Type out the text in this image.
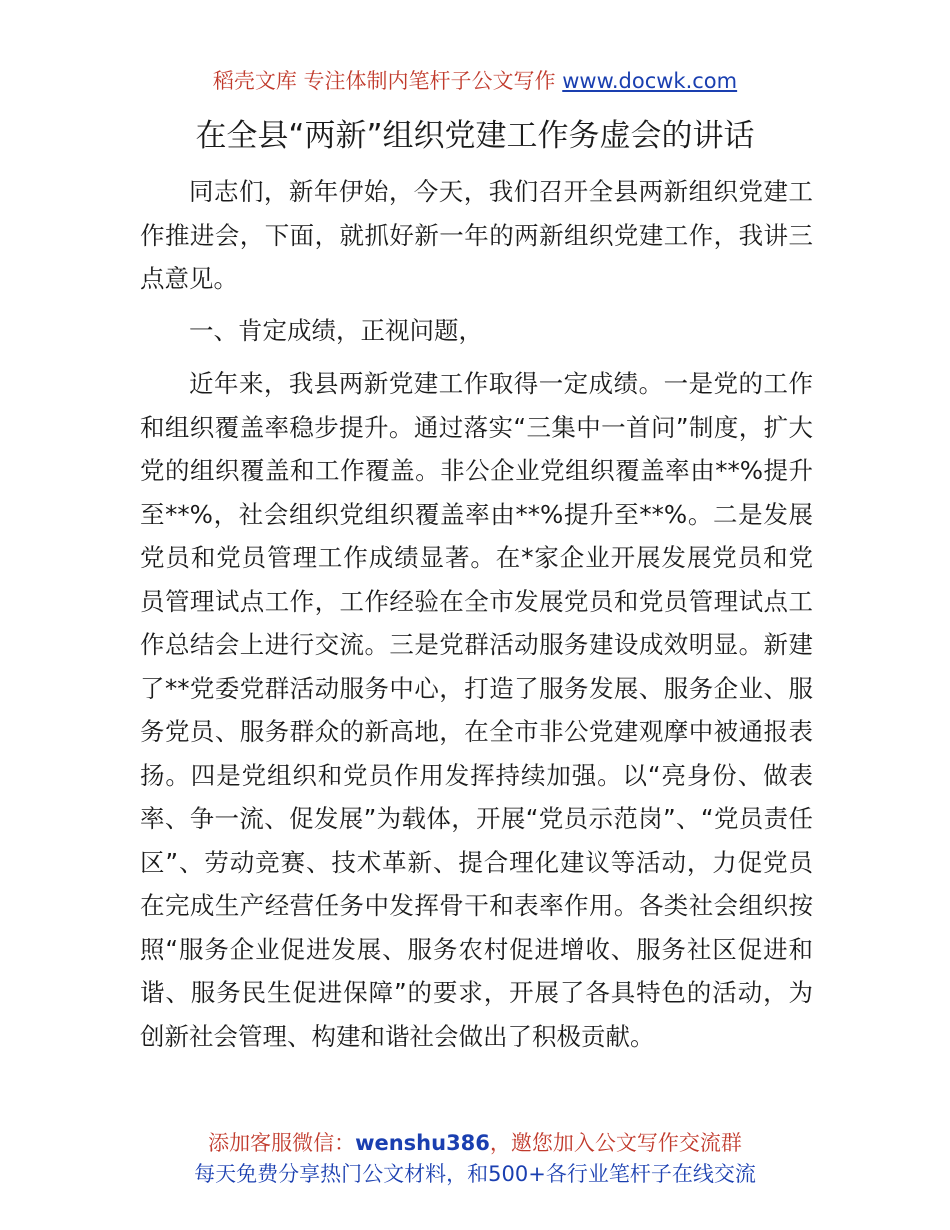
稻壳文库 专注体制内笔杆子公文写作 www.docwk.com
在全县“两新”组织党建工作务虚会的讲话

同志们，新年伊始，今天，我们召开全县两新组织党建工作推进会，下面，就抓好新一年的两新组织党建工作，我讲三点意见。

一、肯定成绩，正视问题，

近年来，我县两新党建工作取得一定成绩。一是党的工作和组织覆盖率稳步提升。通过落实“三集中一首问”制度，扩大党的组织覆盖和工作覆盖。非公企业党组织覆盖率由**%提升至**%，社会组织党组织覆盖率由**%提升至**%。二是发展党员和党员管理工作成绩显著。在*家企业开展发展党员和党员管理试点工作，工作经验在全市发展党员和党员管理试点工作总结会上进行交流。三是党群活动服务建设成效明显。新建了**党委党群活动服务中心，打造了服务发展、服务企业、服务党员、服务群众的新高地，在全市非公党建观摩中被通报表扬。四是党组织和党员作用发挥持续加强。以“亮身份、做表率、争一流、促发展”为载体，开展“党员示范岗”、“党员责任区”、劳动竞赛、技术革新、提合理化建议等活动，力促党员在完成生产经营任务中发挥骨干和表率作用。各类社会组织按照“服务企业促进发展、服务农村促进增收、服务社区促进和谐、服务民生促进保障”的要求，开展了各具特色的活动，为创新社会管理、构建和谐社会做出了积极贡献。

添加客服微信：wenshu386，邀您加入公文写作交流群
每天免费分享热门公文材料，和500+各行业笔杆子在线交流
